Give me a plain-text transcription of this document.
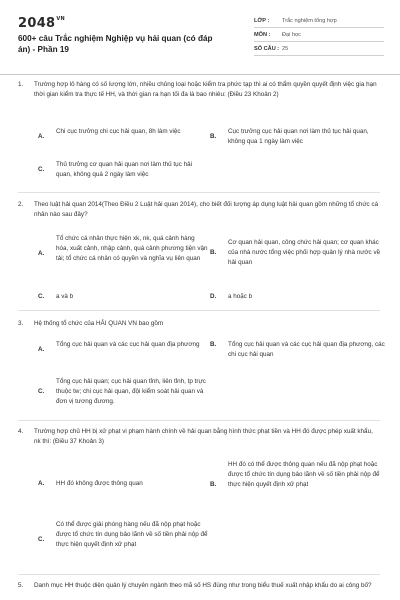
$2048^{VN}$
600+ câu Trắc nghiệm Nghiệp vụ hải quan (có đáp án) - Phần 19
LỚP :	Trắc nghiệm tổng hợp
MÔN :	Đại học
SỐ CÂU : 25
1.	Trường hợp lô hàng có số lượng lớn, nhiều chủng loại hoặc kiểm tra phức tạp thì ai có thẩm quyền quyết định việc gia hạn thời gian kiểm tra thực tế HH, và thời gian ra hạn tối đa là bao nhiêu: (Điều 23 Khoản 2)
A.
Chi cục trưởng chi cục hải quan, 8h làm việc
B.
Cục trưởng cục hải quan nơi làm thủ tục hải quan, không qua 1 ngày làm việc
C.
Thủ trưởng cơ quan hải quan nơi làm thủ tục hải quan, không quá 2 ngày làm việc
2.	Theo luật hải quan 2014(Theo Điều 2 Luật hải quan 2014), cho biết đối tượng áp dụng luật hải quan gồm những tổ chức cá nhân nào sau đây?
A.
Tổ chức cá nhân thực hiện xk, nk, quá cảnh hàng hóa, xuất cảnh, nhập cảnh, quá cảnh phương tiện vận tải; tổ chức cá nhân có quyền và nghĩa vụ liên quan
B.
Cơ quan hải quan, công chức hải quan; cơ quan khác của nhà nước tổng việc phối hợp quản lý nhà nước về hải quan
C.	a và b	D.	a hoặc b
3.	Hệ thống tổ chức của HẢI QUAN VN bao gồm
A.
Tổng cục hải quan và các cục hải quan địa phương	B.	Tổng cục hải quan và các cục hải quan địa phương, các chi cục hải quan
C.
Tổng cục hải quan; cục hải quan tỉnh, liên tỉnh, tp trực thuộc tw; chi cục hải quan, đội kiểm soát hải quan và đơn vị tương đương.
4.	Trường hợp chủ HH bị xử phạt vi phạm hành chính về hải quan bằng hình thức phạt tiền và HH đó được phép xuất khẩu, nk thì: (Điều 37 Khoản 3)
A.	HH đó không được thông quan	B.
HH đó có thể được thông quan nếu đã nộp phạt hoặc được tổ chức tín dụng bảo lãnh về số tiền phải nộp để thực hiện quyết định xử phạt
C.
Có thể được giải phóng hàng nếu đã nộp phạt hoặc được tổ chức tín dụng bảo lãnh về số tiền phải nộp để thực hiện quyết định xử phạt
5.	Danh mục HH thuộc diện quản lý chuyên ngành theo mã số HS đúng như trong biểu thuế xuất nhập khẩu do ai công bố?
